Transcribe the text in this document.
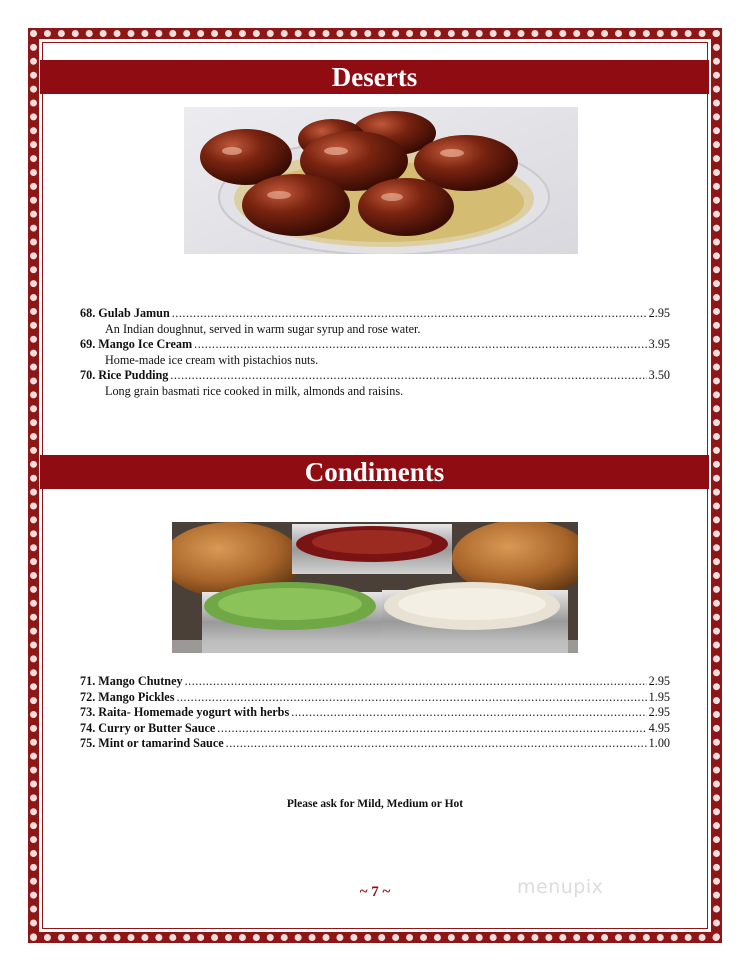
Deserts
68. Gulab Jamun .....	2.95
An Indian doughnut, served in warm sugar syrup and rose water.
69. Mango Ice Cream .....	3.95
Home-made ice cream with pistachios nuts.
70. Rice Pudding .....	3.50
Long grain basmati rice cooked in milk, almonds and raisins.
Condiments
71. Mango Chutney .....	2.95
72. Mango Pickles .....	1.95
73. Raita- Homemade yogurt with herbs .....	2.95
74. Curry or Butter Sauce .....	4.95
75. Mint or tamarind Sauce .....	1.00
Please ask for Mild, Medium or Hot
~ 7 ~	menupix
